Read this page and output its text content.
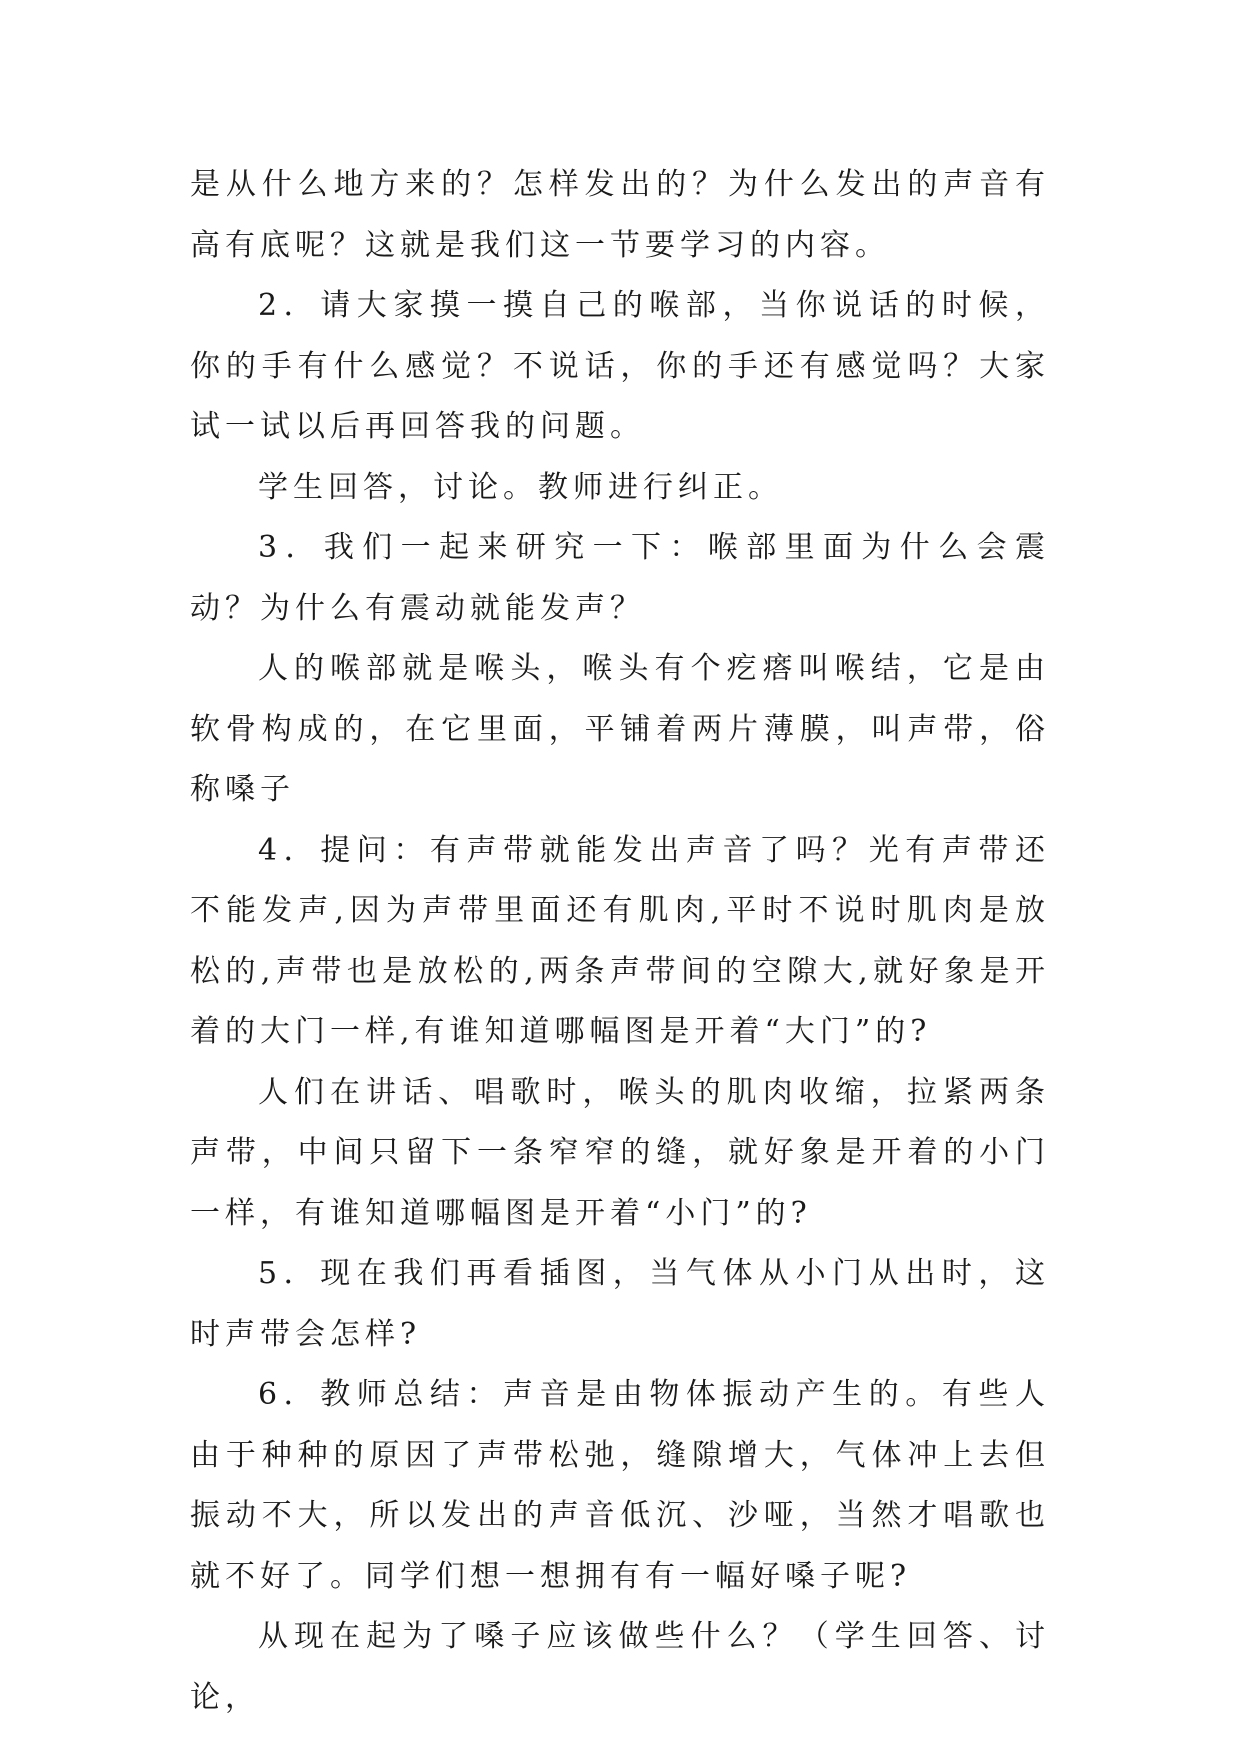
是从什么地方来的？怎样发出的？为什么发出的声音有高有底呢？这就是我们这一节要学习的内容。

2．请大家摸一摸自己的喉部，当你说话的时候，你的手有什么感觉？不说话，你的手还有感觉吗？大家试一试以后再回答我的问题。

学生回答，讨论。教师进行纠正。

3．我们一起来研究一下：喉部里面为什么会震动？为什么有震动就能发声？

人的喉部就是喉头，喉头有个疙瘩叫喉结，它是由软骨构成的，在它里面，平铺着两片薄膜，叫声带，俗称嗓子

4．提问：有声带就能发出声音了吗？光有声带还不能发声,因为声带里面还有肌肉,平时不说时肌肉是放松的,声带也是放松的,两条声带间的空隙大,就好象是开着的大门一样,有谁知道哪幅图是开着“大门”的?

人们在讲话、唱歌时，喉头的肌肉收缩，拉紧两条声带，中间只留下一条窄窄的缝，就好象是开着的小门一样，有谁知道哪幅图是开着“小门”的?

5．现在我们再看插图，当气体从小门从出时，这时声带会怎样?

6．教师总结：声音是由物体振动产生的。有些人由于种种的原因了声带松弛，缝隙增大，气体冲上去但振动不大，所以发出的声音低沉、沙哑，当然才唱歌也就不好了。同学们想一想拥有有一幅好嗓子呢?

从现在起为了嗓子应该做些什么？（学生回答、讨论，
